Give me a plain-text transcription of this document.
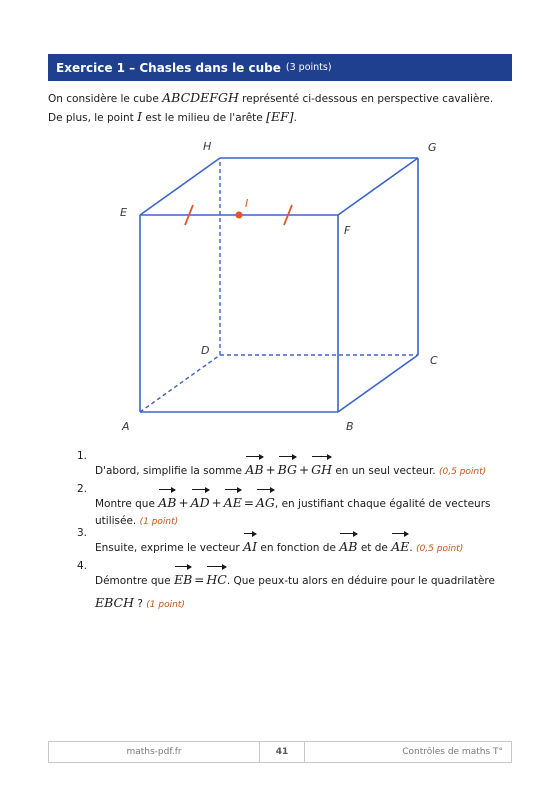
Exercice 1 – Chasles dans le cube (3 points)
On considère le cube ABCDEFGH représenté ci-dessous en perspective cavalière.
De plus, le point I est le milieu de l'arête [EF].
A	B
C
D
E
F
G
H
I
1.
D'abord, simplifie la somme AB + BG + GH en un seul vecteur. (0,5 point)
2.
Montre que AB + AD + AE = AG, en justifiant chaque égalité de vecteurs
utilisée. (1 point)
3.
Ensuite, exprime le vecteur AI en fonction de AB et de AE. (0,5 point)
4.
Démontre que EB = HC. Que peux-tu alors en déduire pour le quadrilatère
EBCH ? (1 point)
maths-pdf.fr	41	Contrôles de maths T°
